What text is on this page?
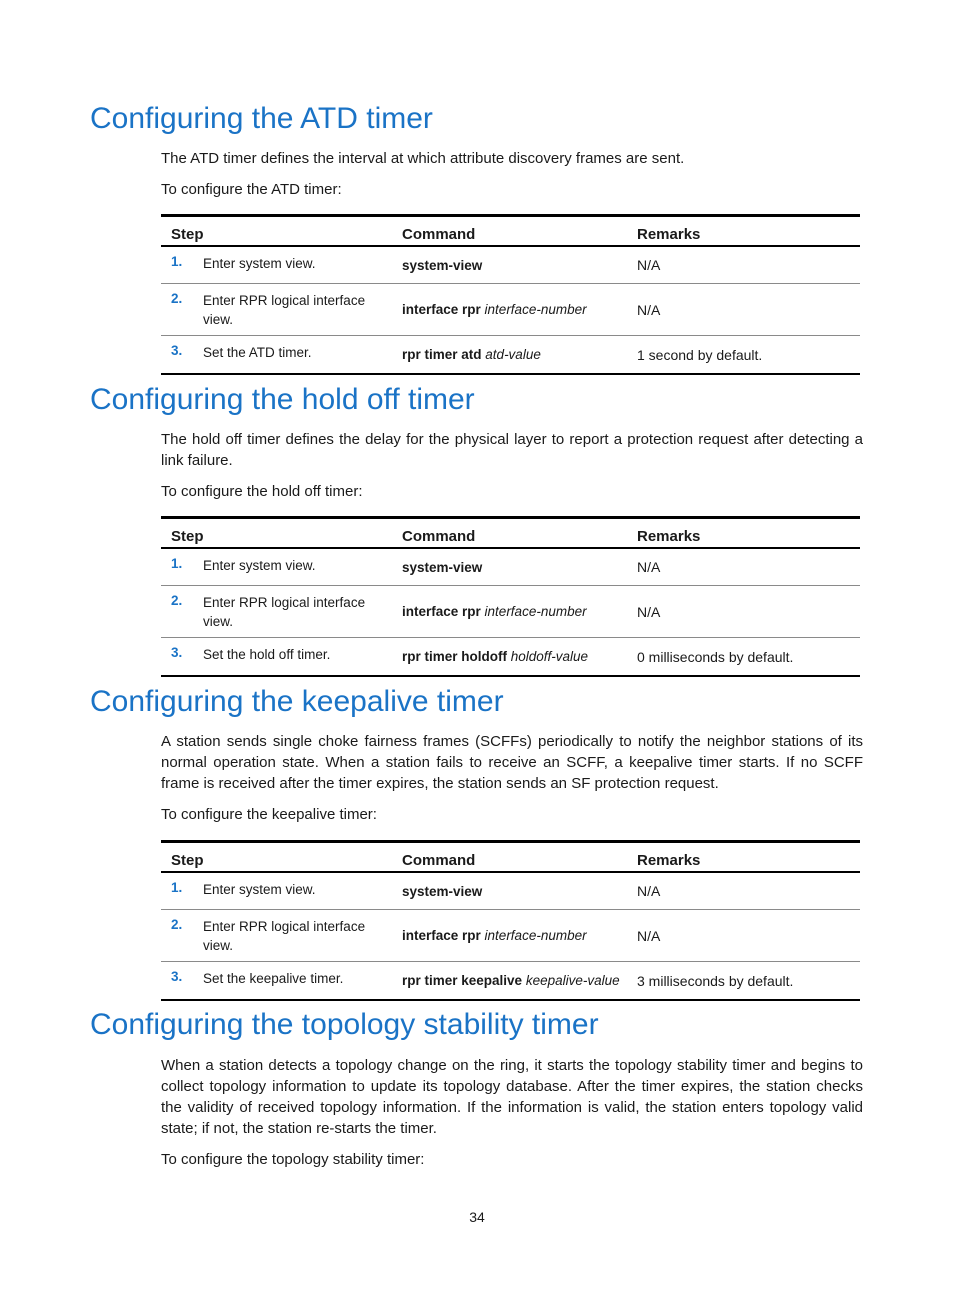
Configuring the ATD timer

The ATD timer defines the interval at which attribute discovery frames are sent.

To configure the ATD timer:

Step	Command	Remarks
1. Enter system view.	system-view	N/A
2. Enter RPR logical interface view.	interface rpr interface-number	N/A
3. Set the ATD timer.	rpr timer atd atd-value	1 second by default.
Configuring the hold off timer

The hold off timer defines the delay for the physical layer to report a protection request after detecting a link failure.

To configure the hold off timer:

Step	Command	Remarks
1. Enter system view.	system-view	N/A
2. Enter RPR logical interface view.	interface rpr interface-number	N/A
3. Set the hold off timer.	rpr timer holdoff holdoff-value	0 milliseconds by default.
Configuring the keepalive timer

A station sends single choke fairness frames (SCFFs) periodically to notify the neighbor stations of its normal operation state. When a station fails to receive an SCFF, a keepalive timer starts. If no SCFF frame is received after the timer expires, the station sends an SF protection request.

To configure the keepalive timer:

Step	Command	Remarks
1. Enter system view.	system-view	N/A
2. Enter RPR logical interface view.	interface rpr interface-number	N/A
3. Set the keepalive timer.	rpr timer keepalive keepalive-value	3 milliseconds by default.
Configuring the topology stability timer

When a station detects a topology change on the ring, it starts the topology stability timer and begins to collect topology information to update its topology database. After the timer expires, the station checks the validity of received topology information. If the information is valid, the station enters topology valid state; if not, the station re-starts the timer.

To configure the topology stability timer:

34
